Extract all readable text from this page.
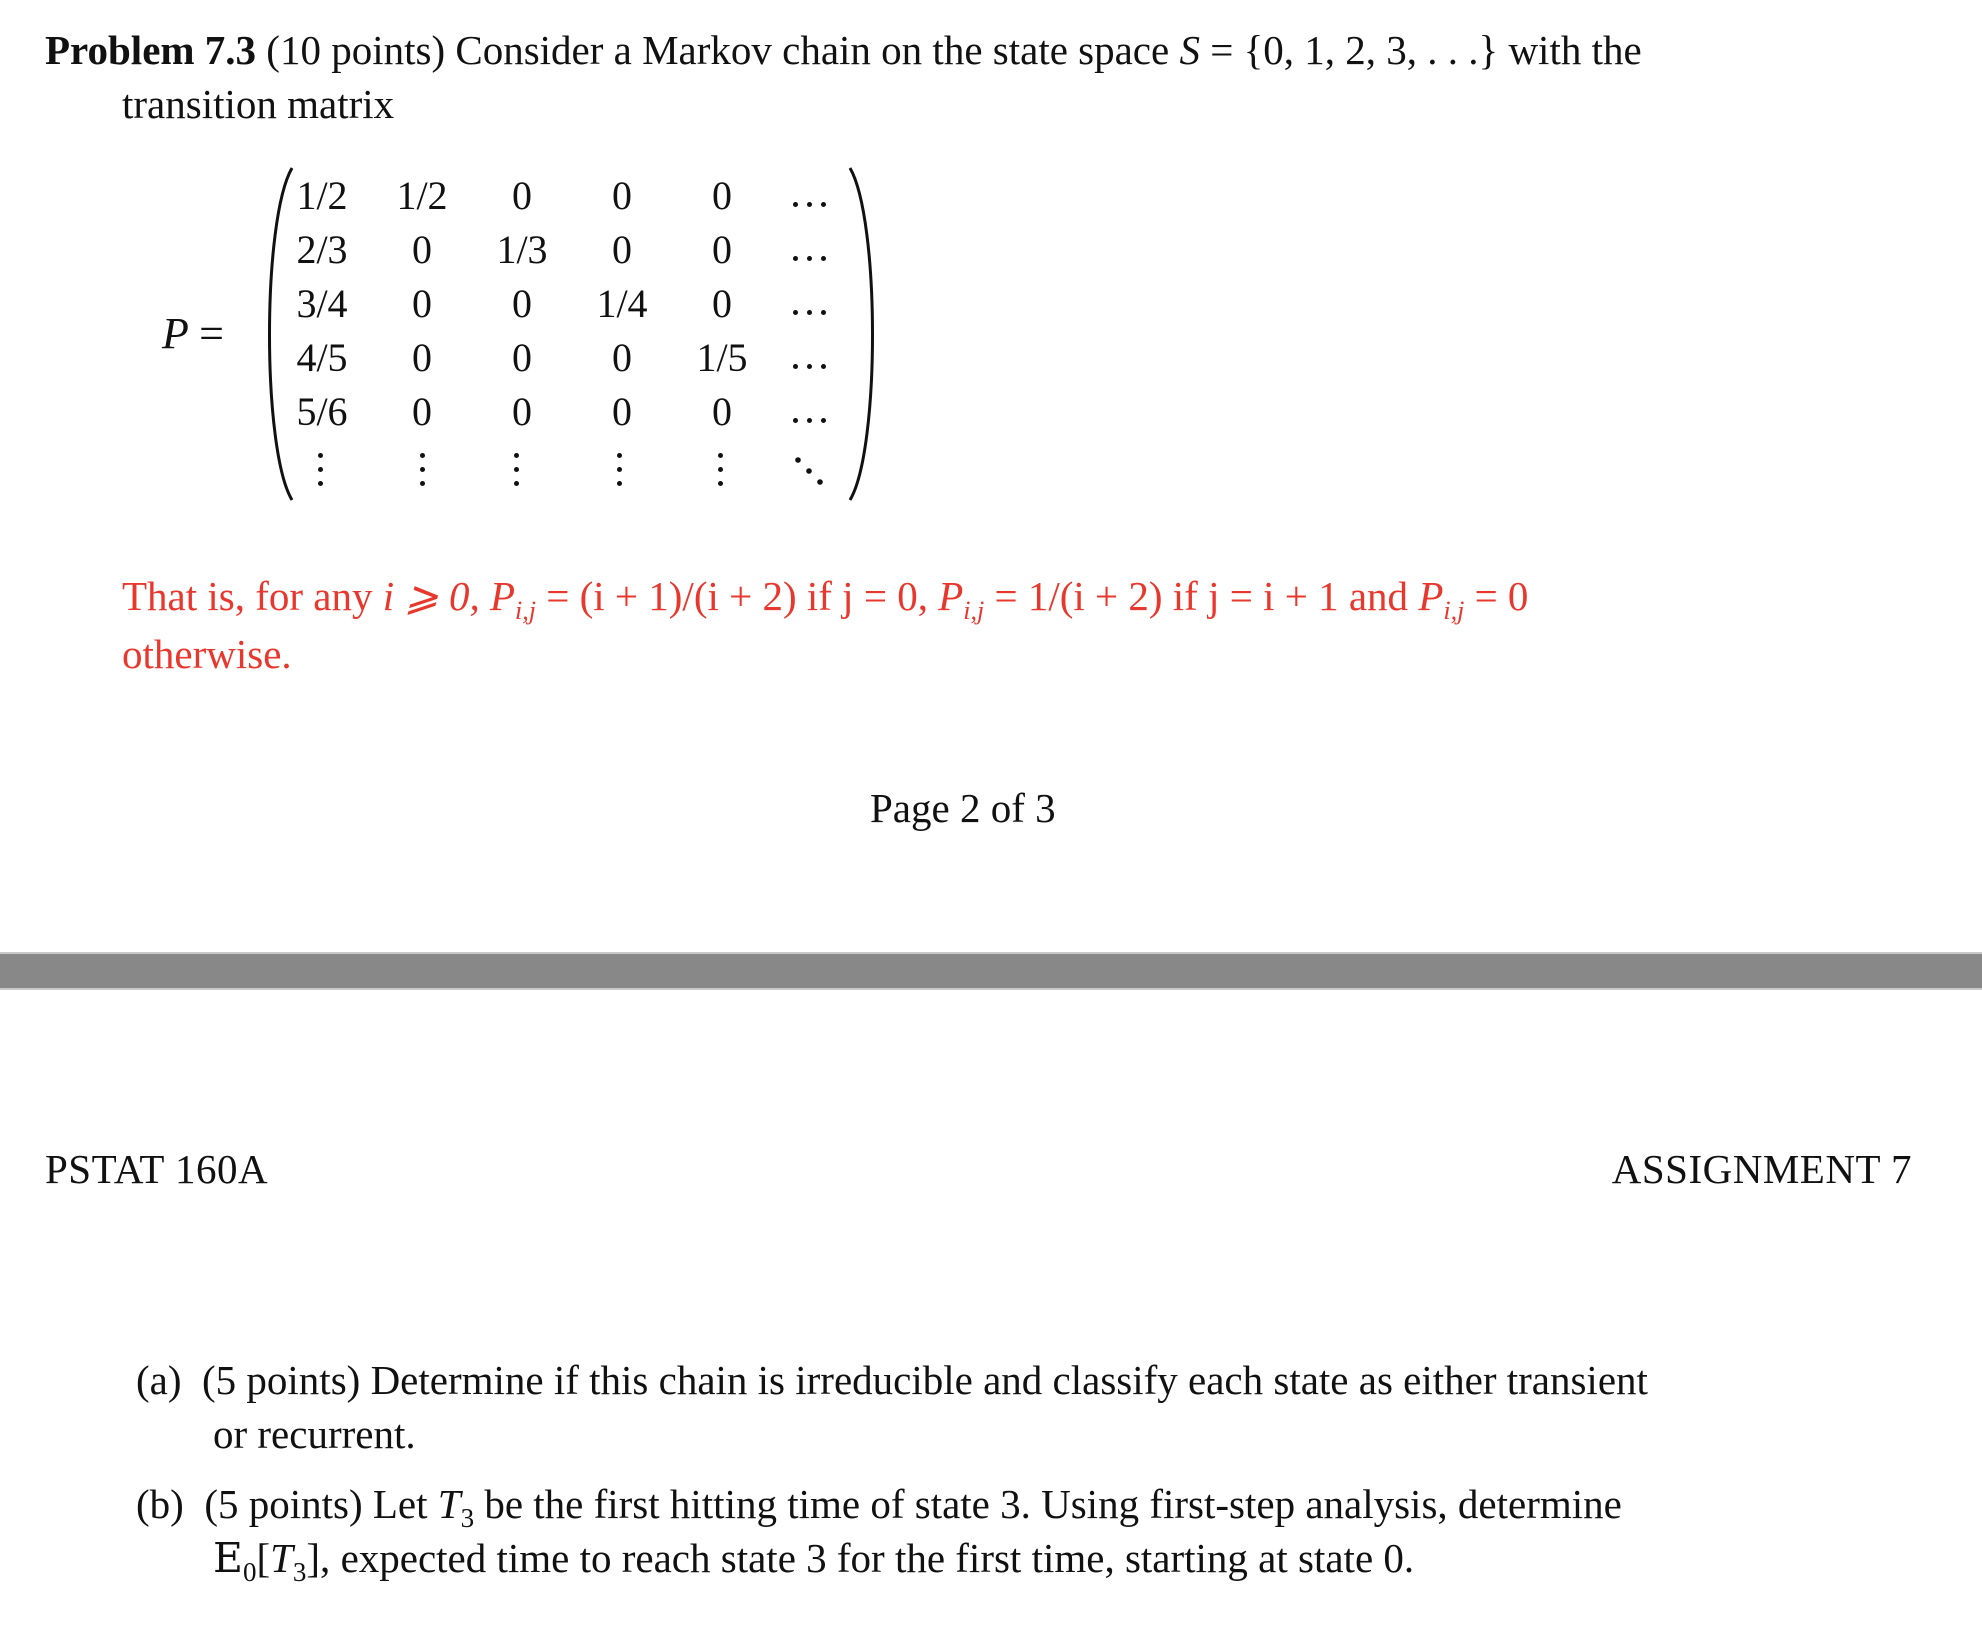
Problem 7.3 (10 points) Consider a Markov chain on the state space S = {0, 1, 2, 3, . . .} with the
transition matrix
P =
1/2	1/2	0	0	0
2/3	0	1/3	0	0
3/4	0	0	1/4	0
4/5	0	0	0	1/5
5/6	0	0	0	0
That is, for any i ⩾ 0, $P_{i,j} = (i + 1)/(i + 2)$ if j = 0, $P_{i,j} = 1/(i + 2)$ if j = i + 1 and $P_{i,j} = 0$
otherwise.
Page 2 of 3
PSTAT 160A	ASSIGNMENT 7
(a) (5 points) Determine if this chain is irreducible and classify each state as either transient
or recurrent.
(b) (5 points) Let $T_3$ be the first hitting time of state 3. Using first-step analysis, determine
$E_0[T_3]$, expected time to reach state 3 for the first time, starting at state 0.
